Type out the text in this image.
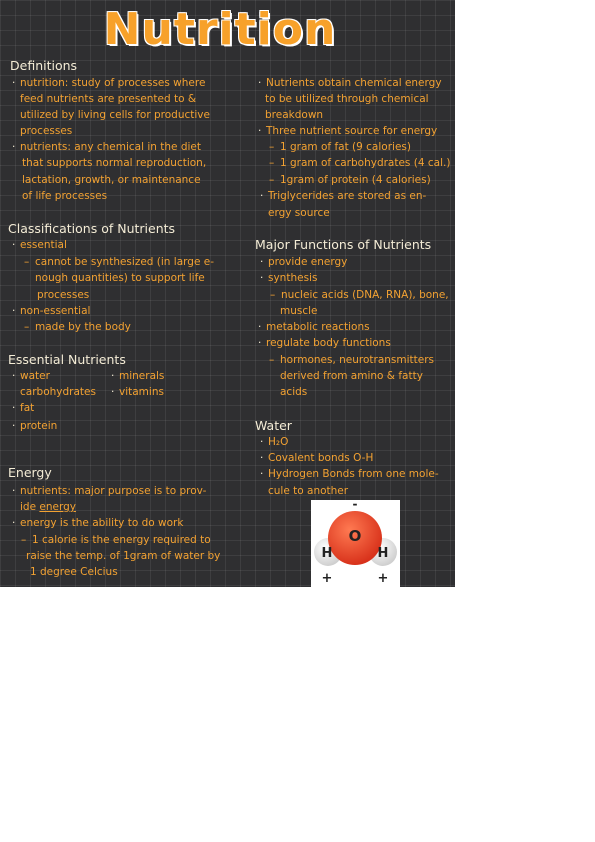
Nutrition
Definitions
· nutrition: study of processes where
feed nutrients are presented to &
utilized by living cells for productive
processes
· nutrients: any chemical in the diet
that supports normal reproduction,
lactation, growth, or maintenance
of life processes
Classifications of Nutrients
· essential
– cannot be synthesized (in large e-
nough quantities) to support life
processes
· non-essential
– made by the body
Essential Nutrients
· water	· minerals
carbohydrates · vitamins
· fat
· protein
Energy
· nutrients: major purpose is to prov-
ide energy
· energy is the ability to do work
– 1 calorie is the energy required to
raise the temp. of 1gram of water by
1 degree Celcius
· Nutrients obtain chemical energy
to be utilized through chemical
breakdown
· Three nutrient source for energy
– 1 gram of fat (9 calories)
– 1 gram of carbohydrates (4 cal.)
– 1gram of protein (4 calories)
· Triglycerides are stored as en-
ergy source
Major Functions of Nutrients
· provide energy
· synthesis
– nucleic acids (DNA, RNA), bone,
muscle
· metabolic reactions
· regulate body functions
– hormones, neurotransmitters
derived from amino & fatty
acids
Water
· H₂O
· Covalent bonds O-H
· Hydrogen Bonds from one mole-
cule to another
-
O
H	H
+	+
